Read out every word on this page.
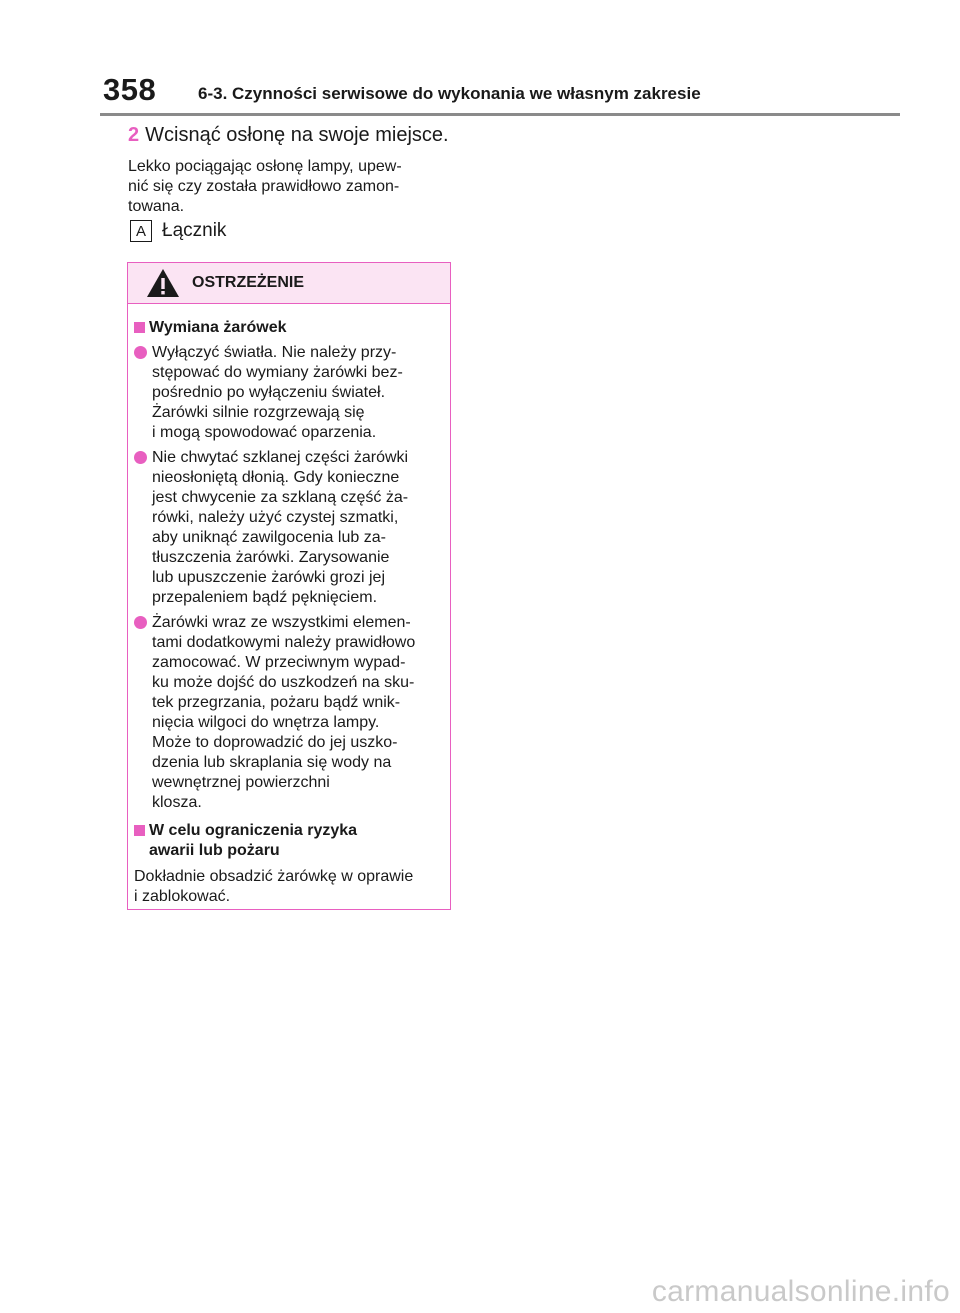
358 6-3. Czynności serwisowe do wykonania we własnym zakresie
2 Wcisnąć osłonę na swoje miejsce.
Lekko pociągając osłonę lampy, upew-
nić się czy została prawidłowo zamon-
towana.
A Łącznik
OSTRZEŻENIE
Wymiana żarówek
Wyłączyć światła. Nie należy przy-
stępować do wymiany żarówki bez-
pośrednio po wyłączeniu świateł.
Żarówki silnie rozgrzewają się
i mogą spowodować oparzenia.
Nie chwytać szklanej części żarówki
nieosłoniętą dłonią. Gdy konieczne
jest chwycenie za szklaną część ża-
rówki, należy użyć czystej szmatki,
aby uniknąć zawilgocenia lub za-
tłuszczenia żarówki. Zarysowanie
lub upuszczenie żarówki grozi jej
przepaleniem bądź pęknięciem.
Żarówki wraz ze wszystkimi elemen-
tami dodatkowymi należy prawidłowo
zamocować. W przeciwnym wypad-
ku może dojść do uszkodzeń na sku-
tek przegrzania, pożaru bądź wnik-
nięcia wilgoci do wnętrza lampy.
Może to doprowadzić do jej uszko-
dzenia lub skraplania się wody na
wewnętrznej powierzchni
klosza.
W celu ograniczenia ryzyka
awarii lub pożaru
Dokładnie obsadzić żarówkę w oprawie
i zablokować.
carmanualsonline.info
